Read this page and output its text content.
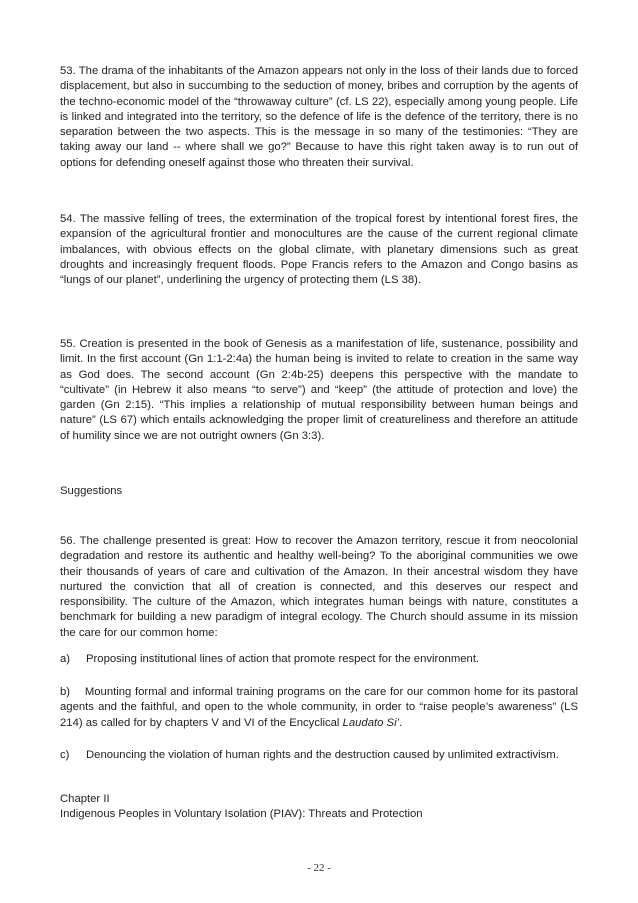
53. The drama of the inhabitants of the Amazon appears not only in the loss of their lands due to forced displacement, but also in succumbing to the seduction of money, bribes and corruption by the agents of the techno-economic model of the “throwaway culture” (cf. LS 22), especially among young people. Life is linked and integrated into the territory, so the defence of life is the defence of the territory, there is no separation between the two aspects. This is the message in so many of the testimonies: “They are taking away our land -- where shall we go?” Because to have this right taken away is to run out of options for defending oneself against those who threaten their survival.

54. The massive felling of trees, the extermination of the tropical forest by intentional forest fires, the expansion of the agricultural frontier and monocultures are the cause of the current regional climate imbalances, with obvious effects on the global climate, with planetary dimensions such as great droughts and increasingly frequent floods. Pope Francis refers to the Amazon and Congo basins as “lungs of our planet”, underlining the urgency of protecting them (LS 38).

55. Creation is presented in the book of Genesis as a manifestation of life, sustenance, possibility and limit. In the first account (Gn 1:1-2:4a) the human being is invited to relate to creation in the same way as God does. The second account (Gn 2:4b-25) deepens this perspective with the mandate to “cultivate” (in Hebrew it also means “to serve”) and “keep” (the attitude of protection and love) the garden (Gn 2:15). “This implies a relationship of mutual responsibility between human beings and nature” (LS 67) which entails acknowledging the proper limit of creatureliness and therefore an attitude of humility since we are not outright owners (Gn 3:3).

Suggestions

56. The challenge presented is great: How to recover the Amazon territory, rescue it from neocolonial degradation and restore its authentic and healthy well-being? To the aboriginal communities we owe their thousands of years of care and cultivation of the Amazon. In their ancestral wisdom they have nurtured the conviction that all of creation is connected, and this deserves our respect and responsibility. The culture of the Amazon, which integrates human beings with nature, constitutes a benchmark for building a new paradigm of integral ecology. The Church should assume in its mission the care for our common home:

a) Proposing institutional lines of action that promote respect for the environment.

b) Mounting formal and informal training programs on the care for our common home for its pastoral agents and the faithful, and open to the whole community, in order to “raise people’s awareness” (LS 214) as called for by chapters V and VI of the Encyclical Laudato Si’.

c) Denouncing the violation of human rights and the destruction caused by unlimited extractivism.

Chapter II

Indigenous Peoples in Voluntary Isolation (PIAV): Threats and Protection

- 22 -
